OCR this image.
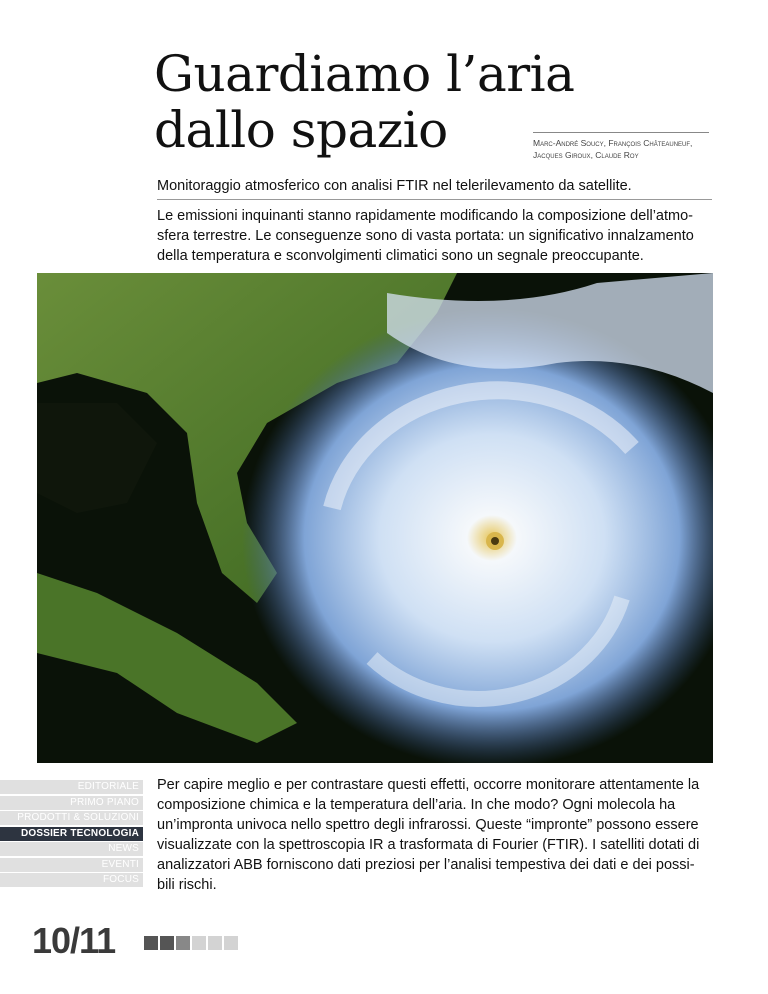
Guardiamo l’aria
dallo spazio	Marc-André Soucy, François Châteauneuf,
Jacques Giroux, Claude Roy
Monitoraggio atmosferico con analisi FTIR nel telerilevamento da satellite.
Le emissioni inquinanti stanno rapidamente modificando la composizione dell’atmo-sfera terrestre. Le conseguenze sono di vasta portata: un significativo innalzamento della temperatura e sconvolgimenti climatici sono un segnale preoccupante.
EDITORIALE
PRIMO PIANO
PRODOTTI & SOLUZIONI
DOSSIER TECNOLOGIA
NEWS
EVENTI
FOCUS
Per capire meglio e per contrastare questi effetti, occorre monitorare attentamente la composizione chimica e la temperatura dell’aria. In che modo? Ogni molecola ha un’impronta univoca nello spettro degli infrarossi. Queste “impronte” possono essere visualizzate con la spettroscopia IR a trasformata di Fourier (FTIR). I satelliti dotati di analizzatori ABB forniscono dati preziosi per l’analisi tempestiva dei dati e dei possi-bili rischi.
10/11
